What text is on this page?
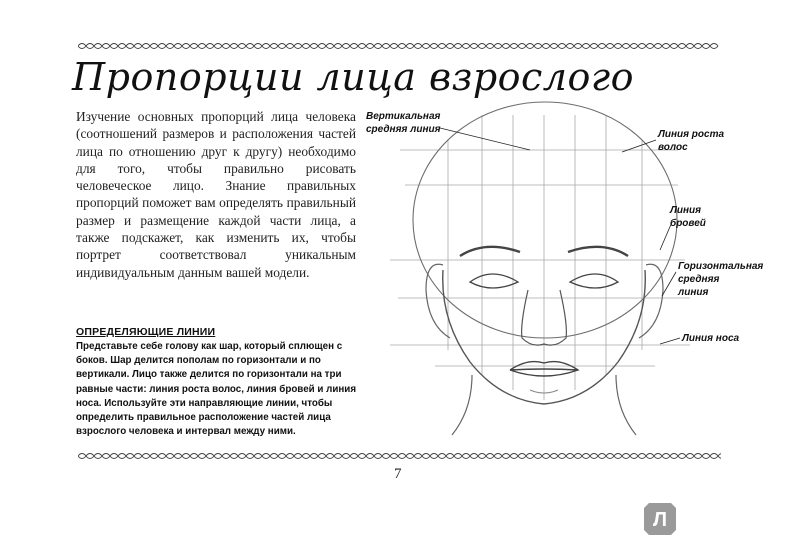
Пропорции лица взрослого
Изучение основных пропорций лица человека (соотношений размеров и расположения частей лица по отношению друг к другу) необходимо для того, чтобы правильно рисовать человеческое лицо. Знание правильных пропорций поможет вам определять правильный размер и размещение каждой части лица, а также подскажет, как изменить их, чтобы портрет соответствовал уникальным индивидуальным данным вашей модели.
ОПРЕДЕЛЯЮЩИЕ ЛИНИИ
Представьте себе голову как шар, который сплющен с боков. Шар делится пополам по горизонтали и по вертикали. Лицо также делится по горизонтали на три равные части: линия роста волос, линия бровей и линия носа. Используйте эти направляющие линии, чтобы определить правильное расположение частей лица взрослого человека и интервал между ними.
Вертикальная средняя линия	Линия роста волос
Линия бровей
Горизонтальная средняя линия
Линия носа
7
Л
